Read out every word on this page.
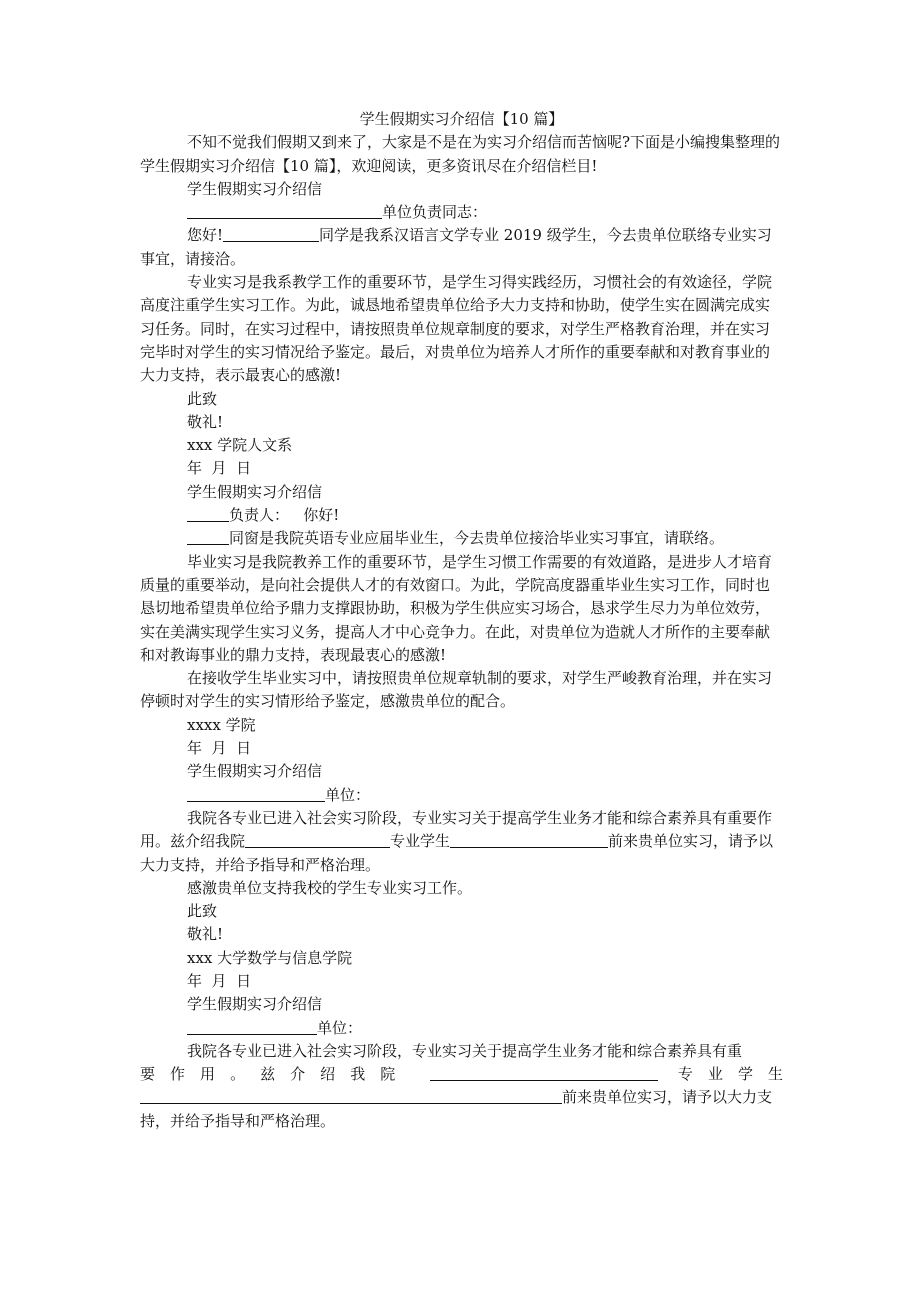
学生假期实习介绍信【10 篇】

不知不觉我们假期又到来了，大家是不是在为实习介绍信而苦恼呢?下面是小编搜集整理的学生假期实习介绍信【10 篇】，欢迎阅读，更多资讯尽在介绍信栏目!

学生假期实习介绍信

单位负责同志：

您好!	同学是我系汉语言文学专业 2019 级学生，今去贵单位联络专业实习事宜，请接洽。

专业实习是我系教学工作的重要环节，是学生习得实践经历，习惯社会的有效途径，学院高度注重学生实习工作。为此，诚恳地希望贵单位给予大力支持和协助，使学生实在圆满完成实习任务。同时，在实习过程中，请按照贵单位规章制度的要求，对学生严格教育治理，并在实习完毕时对学生的实习情况给予鉴定。最后，对贵单位为培养人才所作的重要奉献和对教育事业的大力支持，表示最衷心的感激!

此致

敬礼!

xxx 学院人文系

年  月  日

学生假期实习介绍信

负责人：   你好!

同窗是我院英语专业应届毕业生，今去贵单位接洽毕业实习事宜，请联络。

毕业实习是我院教养工作的重要环节，是学生习惯工作需要的有效道路，是进步人才培育质量的重要举动，是向社会提供人才的有效窗口。为此，学院高度器重毕业生实习工作，同时也恳切地希望贵单位给予鼎力支撑跟协助，积极为学生供应实习场合，恳求学生尽力为单位效劳，实在美满实现学生实习义务，提高人才中心竞争力。在此，对贵单位为造就人才所作的主要奉献和对教诲事业的鼎力支持，表现最衷心的感激!

在接收学生毕业实习中，请按照贵单位规章轨制的要求，对学生严峻教育治理，并在实习停顿时对学生的实习情形给予鉴定，感激贵单位的配合。

xxxx 学院

年  月  日

学生假期实习介绍信

单位：

我院各专业已进入社会实习阶段，专业实习关于提高学生业务才能和综合素养具有重要作用。兹介绍我院	专业学生	前来贵单位实习，请予以大力支持，并给予指导和严格治理。

感激贵单位支持我校的学生专业实习工作。

此致

敬礼!

xxx 大学数学与信息学院

年  月  日

学生假期实习介绍信

单位：

我院各专业已进入社会实习阶段，专业实习关于提高学生业务才能和综合素养具有重

要作用。兹介绍我院	专业学生

前来贵单位实习，请予以大力支

持，并给予指导和严格治理。
